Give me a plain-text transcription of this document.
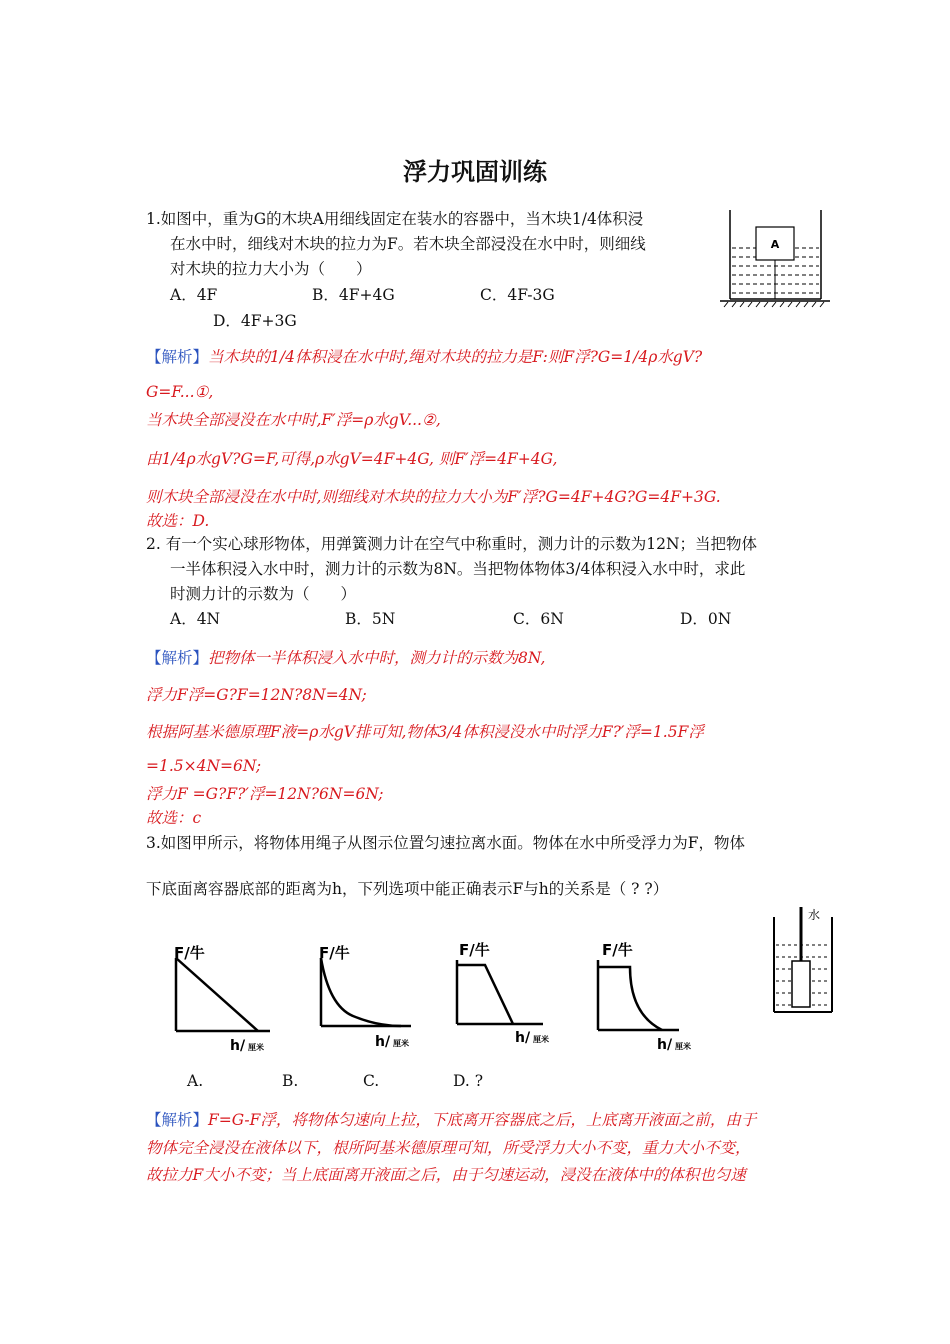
浮力巩固训练
1.如图中，重为G的木块A用细线固定在装水的容器中，当木块1/4体积浸
在水中时，细线对木块的拉力为F。若木块全部浸没在水中时，则细线
对木块的拉力大小为（　　）
A．4F	B．4F+4G	C．4F-3G
D．4F+3G
A
【解析】当木块的1/4体积浸在水中时,绳对木块的拉力是F:则F浮?G=1/4ρ水gV?
G=F...①,
当木块全部浸没在水中时,F′浮=ρ水gV...②,
由1/4ρ水gV?G=F,可得,ρ水gV=4F+4G, 则F′浮=4F+4G,
则木块全部浸没在水中时,则细线对木块的拉力大小为F′浮?G=4F+4G?G=4F+3G.
故选：D.
2. 有一个实心球形物体，用弹簧测力计在空气中称重时，测力计的示数为12N；当把物体
一半体积浸入水中时，测力计的示数为8N。当把物体物体3/4体积浸入水中时，求此
时测力计的示数为（　　）
A．4N	B．5N	C．6N	D．0N
【解析】把物体一半体积浸入水中时，测力计的示数为8N,
浮力F浮=G?F=12N?8N=4N;
根据阿基米德原理F液=ρ水gV排可知,物体3/4体积浸没水中时浮力F?′浮=1.5F浮
=1.5×4N=6N;
浮力F =G?F?′浮=12N?6N=6N;
故选：c
3.如图甲所示，将物体用绳子从图示位置匀速拉离水面。物体在水中所受浮力为F，物体
下底面离容器底部的距离为h，下列选项中能正确表示F与h的关系是（ ? ?）
F/牛
h/ 厘米
F/牛
h/ 厘米
F/牛
h/ 厘米
F/牛
h/ 厘米
水
A.	B.	C.	D. ?
【解析】F=G-F浮，将物体匀速向上拉，下底离开容器底之后，上底离开液面之前，由于
物体完全浸没在液体以下，根所阿基米德原理可知，所受浮力大小不变，重力大小不变，
故拉力F大小不变；当上底面离开液面之后，由于匀速运动，浸没在液体中的体积也匀速
